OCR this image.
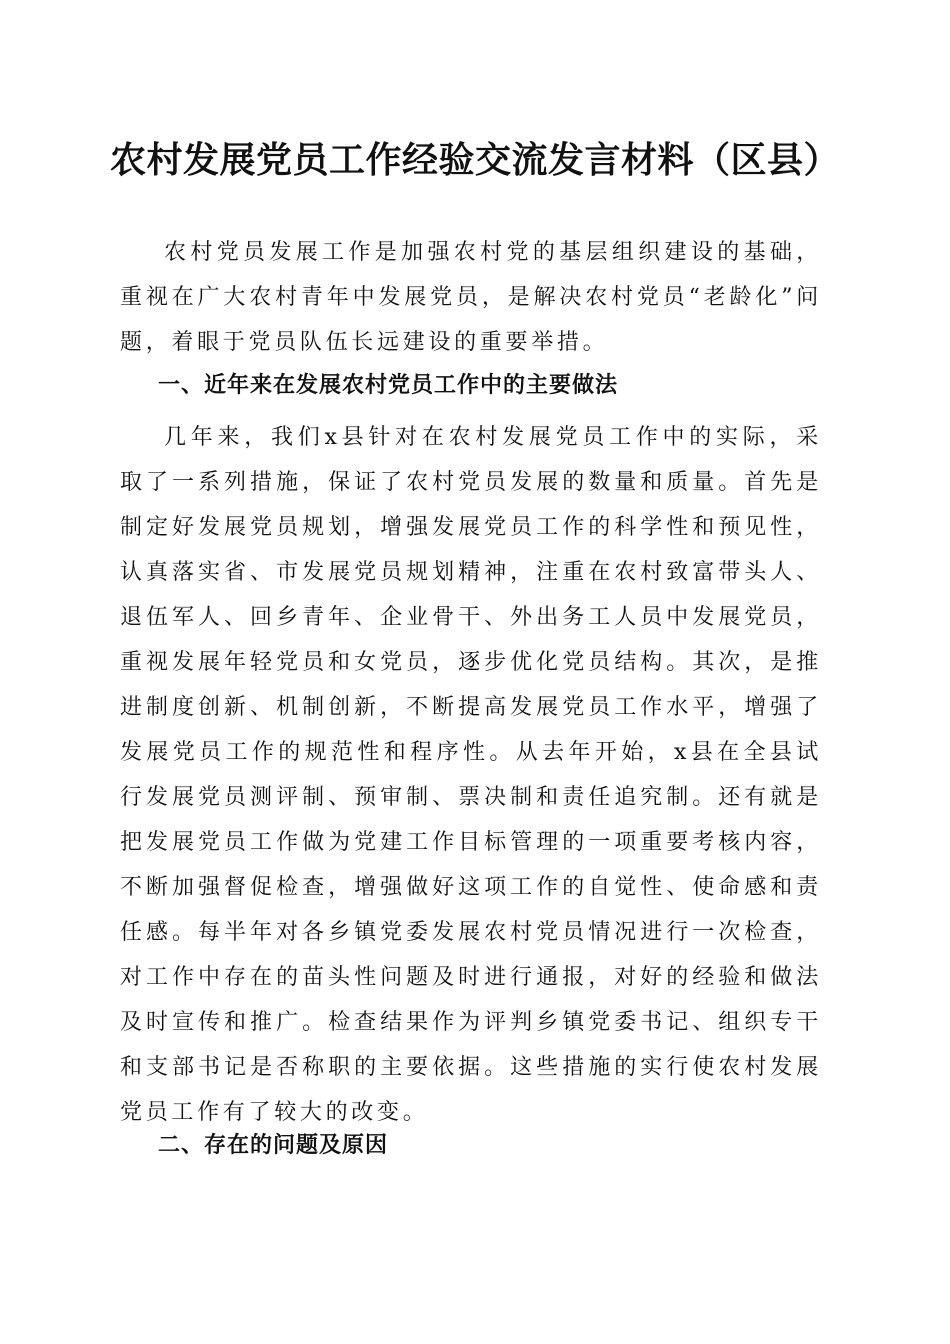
农村发展党员工作经验交流发言材料（区县）

农村党员发展工作是加强农村党的基层组织建设的基础，重视在广大农村青年中发展党员，是解决农村党员“老龄化”问题，着眼于党员队伍长远建设的重要举措。

一、近年来在发展农村党员工作中的主要做法

几年来，我们x县针对在农村发展党员工作中的实际，采取了一系列措施，保证了农村党员发展的数量和质量。首先是制定好发展党员规划，增强发展党员工作的科学性和预见性，认真落实省、市发展党员规划精神，注重在农村致富带头人、退伍军人、回乡青年、企业骨干、外出务工人员中发展党员，重视发展年轻党员和女党员，逐步优化党员结构。其次，是推进制度创新、机制创新，不断提高发展党员工作水平，增强了发展党员工作的规范性和程序性。从去年开始，x县在全县试行发展党员测评制、预审制、票决制和责任追究制。还有就是把发展党员工作做为党建工作目标管理的一项重要考核内容，不断加强督促检查，增强做好这项工作的自觉性、使命感和责任感。每半年对各乡镇党委发展农村党员情况进行一次检查，对工作中存在的苗头性问题及时进行通报，对好的经验和做法及时宣传和推广。检查结果作为评判乡镇党委书记、组织专干和支部书记是否称职的主要依据。这些措施的实行使农村发展党员工作有了较大的改变。

二、存在的问题及原因
